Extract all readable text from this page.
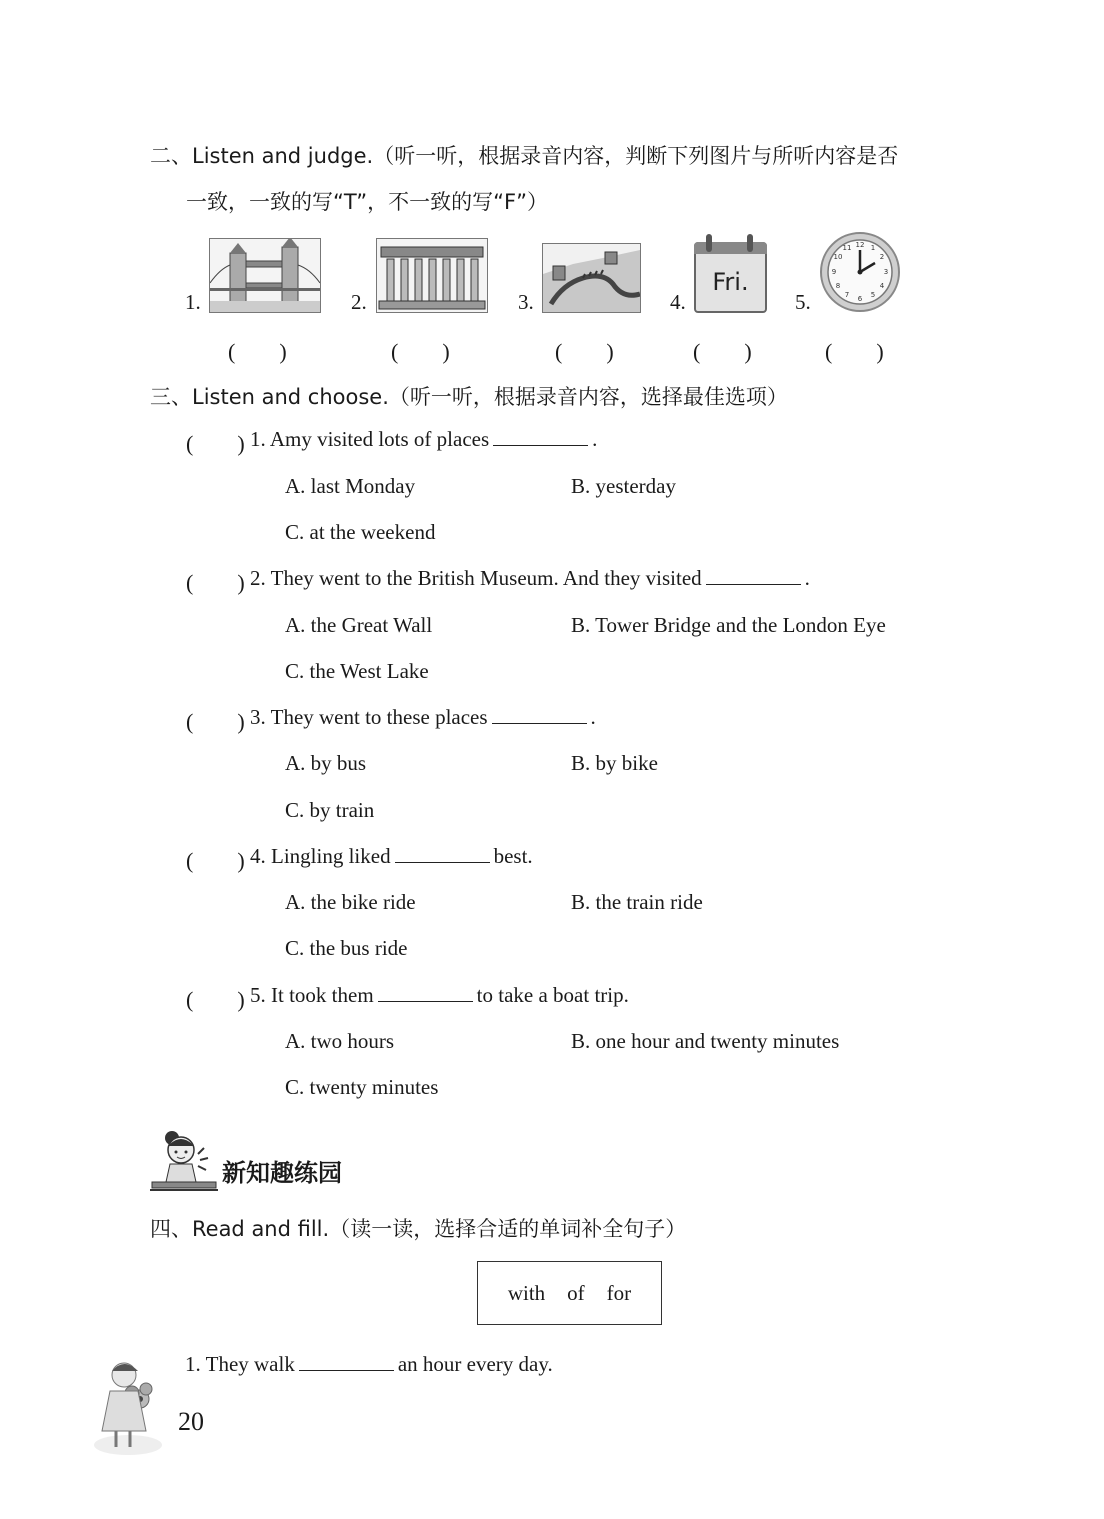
二、Listen and judge.（听一听，根据录音内容，判断下列图片与所听内容是否
一致，一致的写“T”，不一致的写“F”）
1.	2.	3.	4.
Fri.
5.
12 1
2
3
4
5
6
7
8
9
10
11
(　　)	(　　)	(　　)	(　　)	(　　)
三、Listen and choose.（听一听，根据录音内容，选择最佳选项）
(　　) 1. Amy visited lots of places	.
A. last Monday	B. yesterday
C. at the weekend
(　　) 2. They went to the British Museum. And they visited	.
A. the Great Wall	B. Tower Bridge and the London Eye
C. the West Lake
(　　) 3. They went to these places	.
A. by bus	B. by bike
C. by train
(　　) 4. Lingling liked	best.
A. the bike ride	B. the train ride
C. the bus ride
(　　) 5. It took them	to take a boat trip.
A. two hours	B. one hour and twenty minutes
C. twenty minutes
新知趣练园
四、Read and fill.（读一读，选择合适的单词补全句子）
with of for
1. They walk	an hour every day.
20
